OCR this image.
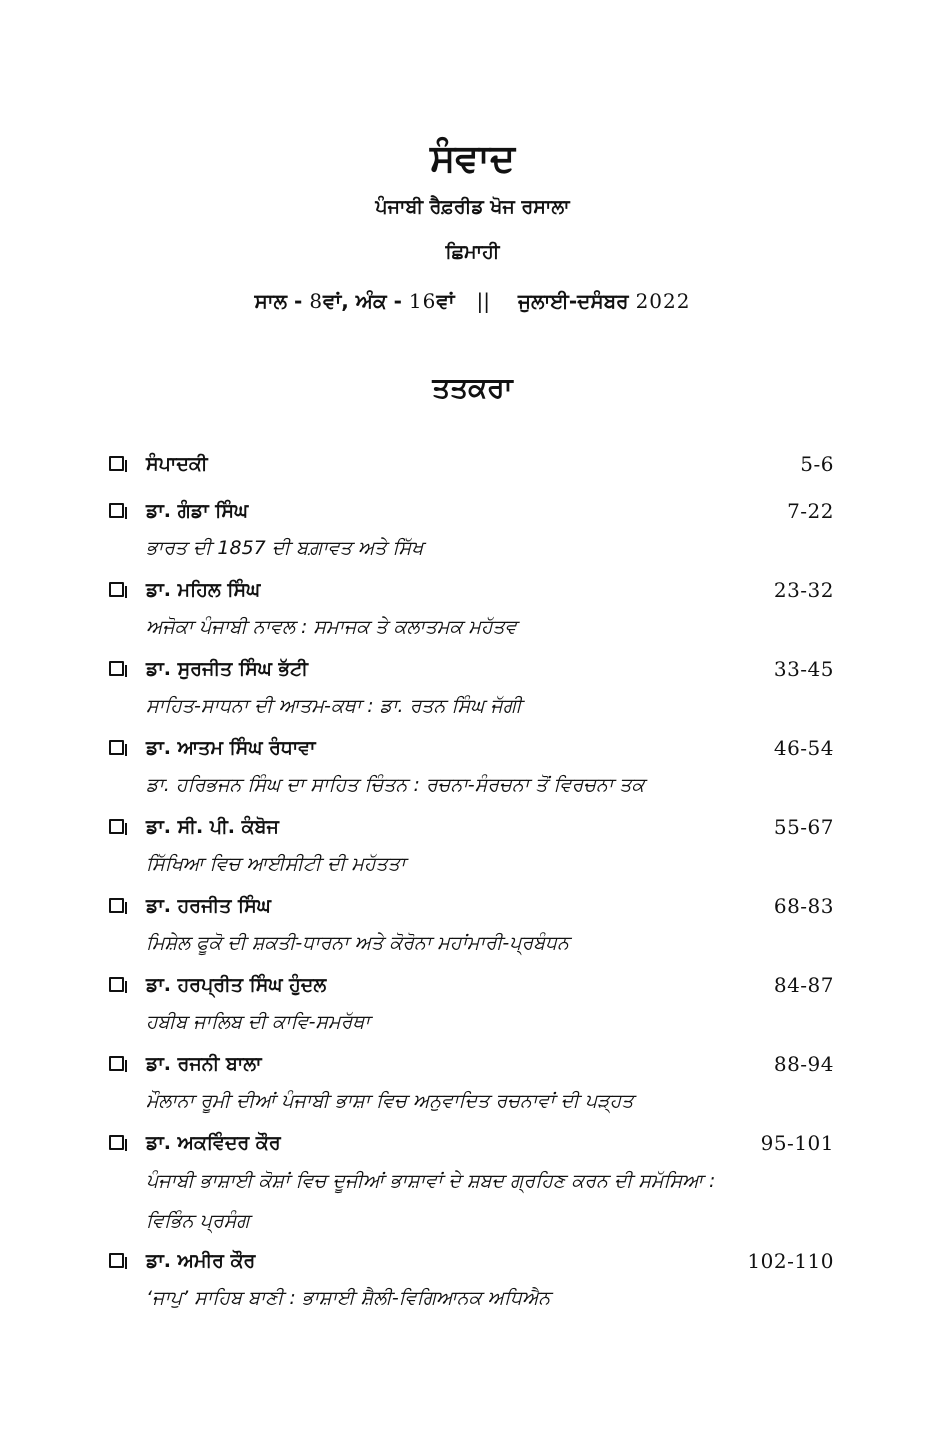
ਸੰਵਾਦ
ਪੰਜਾਬੀ ਰੈਫ਼ਰੀਡ ਖੋਜ ਰਸਾਲਾ
ਛਿਮਾਹੀ
ਸਾਲ - 8ਵਾਂ, ਅੰਕ - 16ਵਾਂ || ਜੁਲਾਈ-ਦਸੰਬਰ 2022
ਤਤਕਰਾ
ਸੰਪਾਦਕੀ	5-6
ਡਾ. ਗੰਡਾ ਸਿੰਘ	7-22
ਭਾਰਤ ਦੀ 1857 ਦੀ ਬਗ਼ਾਵਤ ਅਤੇ ਸਿੱਖ
ਡਾ. ਮਹਿਲ ਸਿੰਘ	23-32
ਅਜੋਕਾ ਪੰਜਾਬੀ ਨਾਵਲ : ਸਮਾਜਕ ਤੇ ਕਲਾਤਮਕ ਮਹੱਤਵ
ਡਾ. ਸੁਰਜੀਤ ਸਿੰਘ ਭੱਟੀ	33-45
ਸਾਹਿਤ-ਸਾਧਨਾ ਦੀ ਆਤਮ-ਕਥਾ : ਡਾ. ਰਤਨ ਸਿੰਘ ਜੱਗੀ
ਡਾ. ਆਤਮ ਸਿੰਘ ਰੰਧਾਵਾ	46-54
ਡਾ. ਹਰਿਭਜਨ ਸਿੰਘ ਦਾ ਸਾਹਿਤ ਚਿੰਤਨ : ਰਚਨਾ-ਸੰਰਚਨਾ ਤੋਂ ਵਿਰਚਨਾ ਤਕ
ਡਾ. ਸੀ. ਪੀ. ਕੰਬੋਜ	55-67
ਸਿੱਖਿਆ ਵਿਚ ਆਈਸੀਟੀ ਦੀ ਮਹੱਤਤਾ
ਡਾ. ਹਰਜੀਤ ਸਿੰਘ	68-83
ਮਿਸ਼ੇਲ ਫੂਕੋ ਦੀ ਸ਼ਕਤੀ-ਧਾਰਨਾ ਅਤੇ ਕੋਰੋਨਾ ਮਹਾਂਮਾਰੀ-ਪ੍ਰਬੰਧਨ
ਡਾ. ਹਰਪ੍ਰੀਤ ਸਿੰਘ ਹੁੰਦਲ	84-87
ਹਬੀਬ ਜਾਲਿਬ ਦੀ ਕਾਵਿ-ਸਮਰੱਥਾ
ਡਾ. ਰਜਨੀ ਬਾਲਾ	88-94
ਮੌਲਾਨਾ ਰੂਮੀ ਦੀਆਂ ਪੰਜਾਬੀ ਭਾਸ਼ਾ ਵਿਚ ਅਨੁਵਾਦਿਤ ਰਚਨਾਵਾਂ ਦੀ ਪੜ੍ਹਤ
ਡਾ. ਅਕਵਿੰਦਰ ਕੌਰ	95-101
ਪੰਜਾਬੀ ਭਾਸ਼ਾਈ ਕੋਸ਼ਾਂ ਵਿਚ ਦੂਜੀਆਂ ਭਾਸ਼ਾਵਾਂ ਦੇ ਸ਼ਬਦ ਗ੍ਰਹਿਣ ਕਰਨ ਦੀ ਸਮੱਸਿਆ :
ਵਿਭਿੰਨ ਪ੍ਰਸੰਗ
ਡਾ. ਅਮੀਰ ਕੌਰ	102-110
‘ਜਾਪੁ’ ਸਾਹਿਬ ਬਾਣੀ : ਭਾਸ਼ਾਈ ਸ਼ੈਲੀ-ਵਿਗਿਆਨਕ ਅਧਿਐਨ
